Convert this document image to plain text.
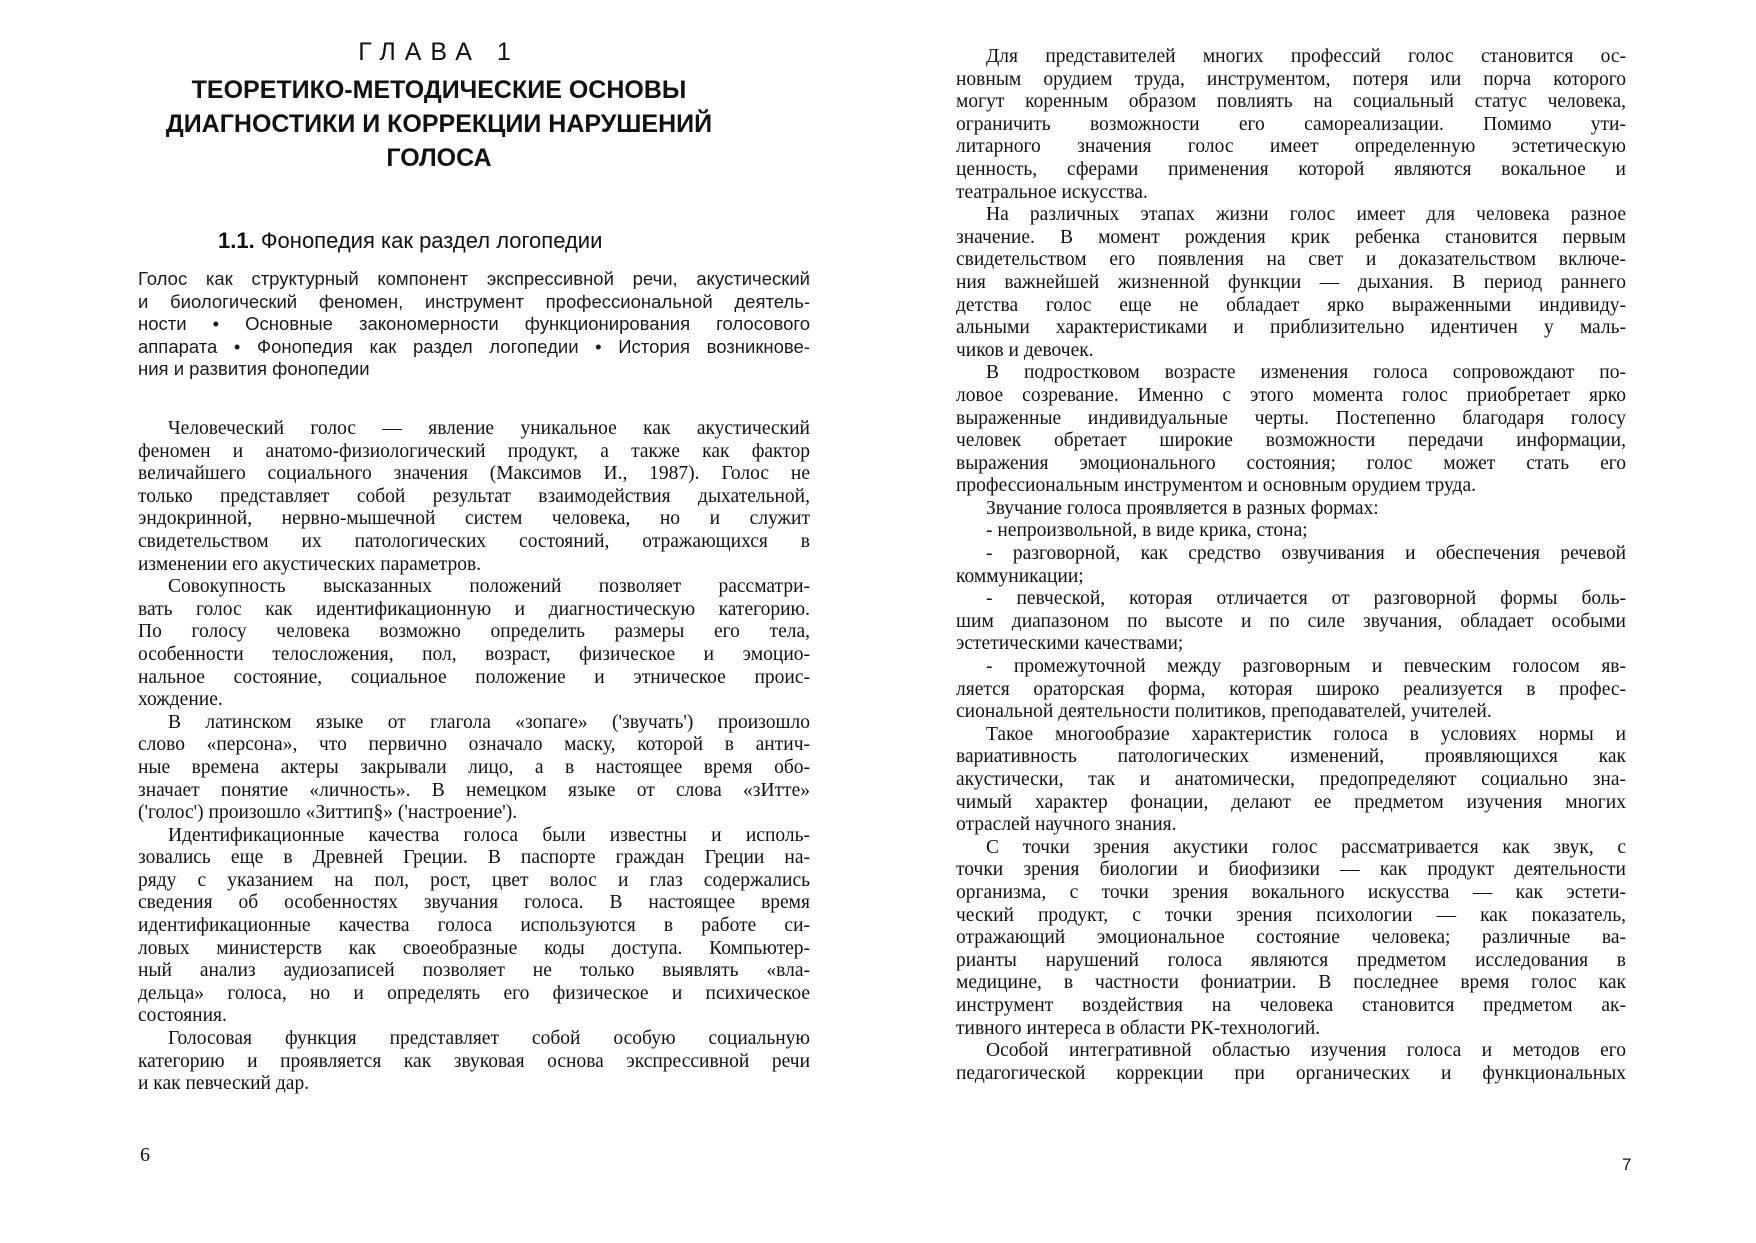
ГЛАВА 1
ТЕОРЕТИКО-МЕТОДИЧЕСКИЕ ОСНОВЫ
ДИАГНОСТИКИ И КОРРЕКЦИИ НАРУШЕНИЙ
ГОЛОСА
1.1. Фонопедия как раздел логопедии
Голос как структурный компонент экспрессивной речи, акустический
и биологический феномен, инструмент профессиональной деятель-
ности • Основные закономерности функционирования голосового
аппарата • Фонопедия как раздел логопедии • История возникнове-
ния и развития фонопедии
Человеческий голос — явление уникальное как акустический
феномен и анатомо-физиологический продукт, а также как фактор
величайшего социального значения (Максимов И., 1987). Голос не
только представляет собой результат взаимодействия дыхательной,
эндокринной, нервно-мышечной систем человека, но и служит
свидетельством их патологических состояний, отражающихся в
изменении его акустических параметров.
Совокупность высказанных положений позволяет рассматри-
вать голос как идентификационную и диагностическую категорию.
По голосу человека возможно определить размеры его тела,
особенности телосложения, пол, возраст, физическое и эмоцио-
нальное состояние, социальное положение и этническое проис-
хождение.
В латинском языке от глагола «зопаге» ('звучать') произошло
слово «персона», что первично означало маску, которой в антич-
ные времена актеры закрывали лицо, а в настоящее время обо-
значает понятие «личность». В немецком языке от слова «зИтте»
('голос') произошло «Зиттип§» ('настроение').
Идентификационные качества голоса были известны и исполь-
зовались еще в Древней Греции. В паспорте граждан Греции на-
ряду с указанием на пол, рост, цвет волос и глаз содержались
сведения об особенностях звучания голоса. В настоящее время
идентификационные качества голоса используются в работе си-
ловых министерств как своеобразные коды доступа. Компьютер-
ный анализ аудиозаписей позволяет не только выявлять «вла-
дельца» голоса, но и определять его физическое и психическое
состояния.
Голосовая функция представляет собой особую социальную
категорию и проявляется как звуковая основа экспрессивной речи
и как певческий дар.
6
Для представителей многих профессий голос становится ос-
новным орудием труда, инструментом, потеря или порча которого
могут коренным образом повлиять на социальный статус человека,
ограничить возможности его самореализации. Помимо ути-
литарного значения голос имеет определенную эстетическую
ценность, сферами применения которой являются вокальное и
театральное искусства.
На различных этапах жизни голос имеет для человека разное
значение. В момент рождения крик ребенка становится первым
свидетельством его появления на свет и доказательством включе-
ния важнейшей жизненной функции — дыхания. В период раннего
детства голос еще не обладает ярко выраженными индивиду-
альными характеристиками и приблизительно идентичен у маль-
чиков и девочек.
В подростковом возрасте изменения голоса сопровождают по-
ловое созревание. Именно с этого момента голос приобретает ярко
выраженные индивидуальные черты. Постепенно благодаря голосу
человек обретает широкие возможности передачи информации,
выражения эмоционального состояния; голос может стать его
профессиональным инструментом и основным орудием труда.
Звучание голоса проявляется в разных формах:
- непроизвольной, в виде крика, стона;
- разговорной, как средство озвучивания и обеспечения речевой
коммуникации;
- певческой, которая отличается от разговорной формы боль-
шим диапазоном по высоте и по силе звучания, обладает особыми
эстетическими качествами;
- промежуточной между разговорным и певческим голосом яв-
ляется ораторская форма, которая широко реализуется в профес-
сиональной деятельности политиков, преподавателей, учителей.
Такое многообразие характеристик голоса в условиях нормы и
вариативность патологических изменений, проявляющихся как
акустически, так и анатомически, предопределяют социально зна-
чимый характер фонации, делают ее предметом изучения многих
отраслей научного знания.
С точки зрения акустики голос рассматривается как звук, с
точки зрения биологии и биофизики — как продукт деятельности
организма, с точки зрения вокального искусства — как эстети-
ческий продукт, с точки зрения психологии — как показатель,
отражающий эмоциональное состояние человека; различные ва-
рианты нарушений голоса являются предметом исследования в
медицине, в частности фониатрии. В последнее время голос как
инструмент воздействия на человека становится предметом ак-
тивного интереса в области РК-технологий.
Особой интегративной областью изучения голоса и методов его
педагогической коррекции при органических и функциональных
7
